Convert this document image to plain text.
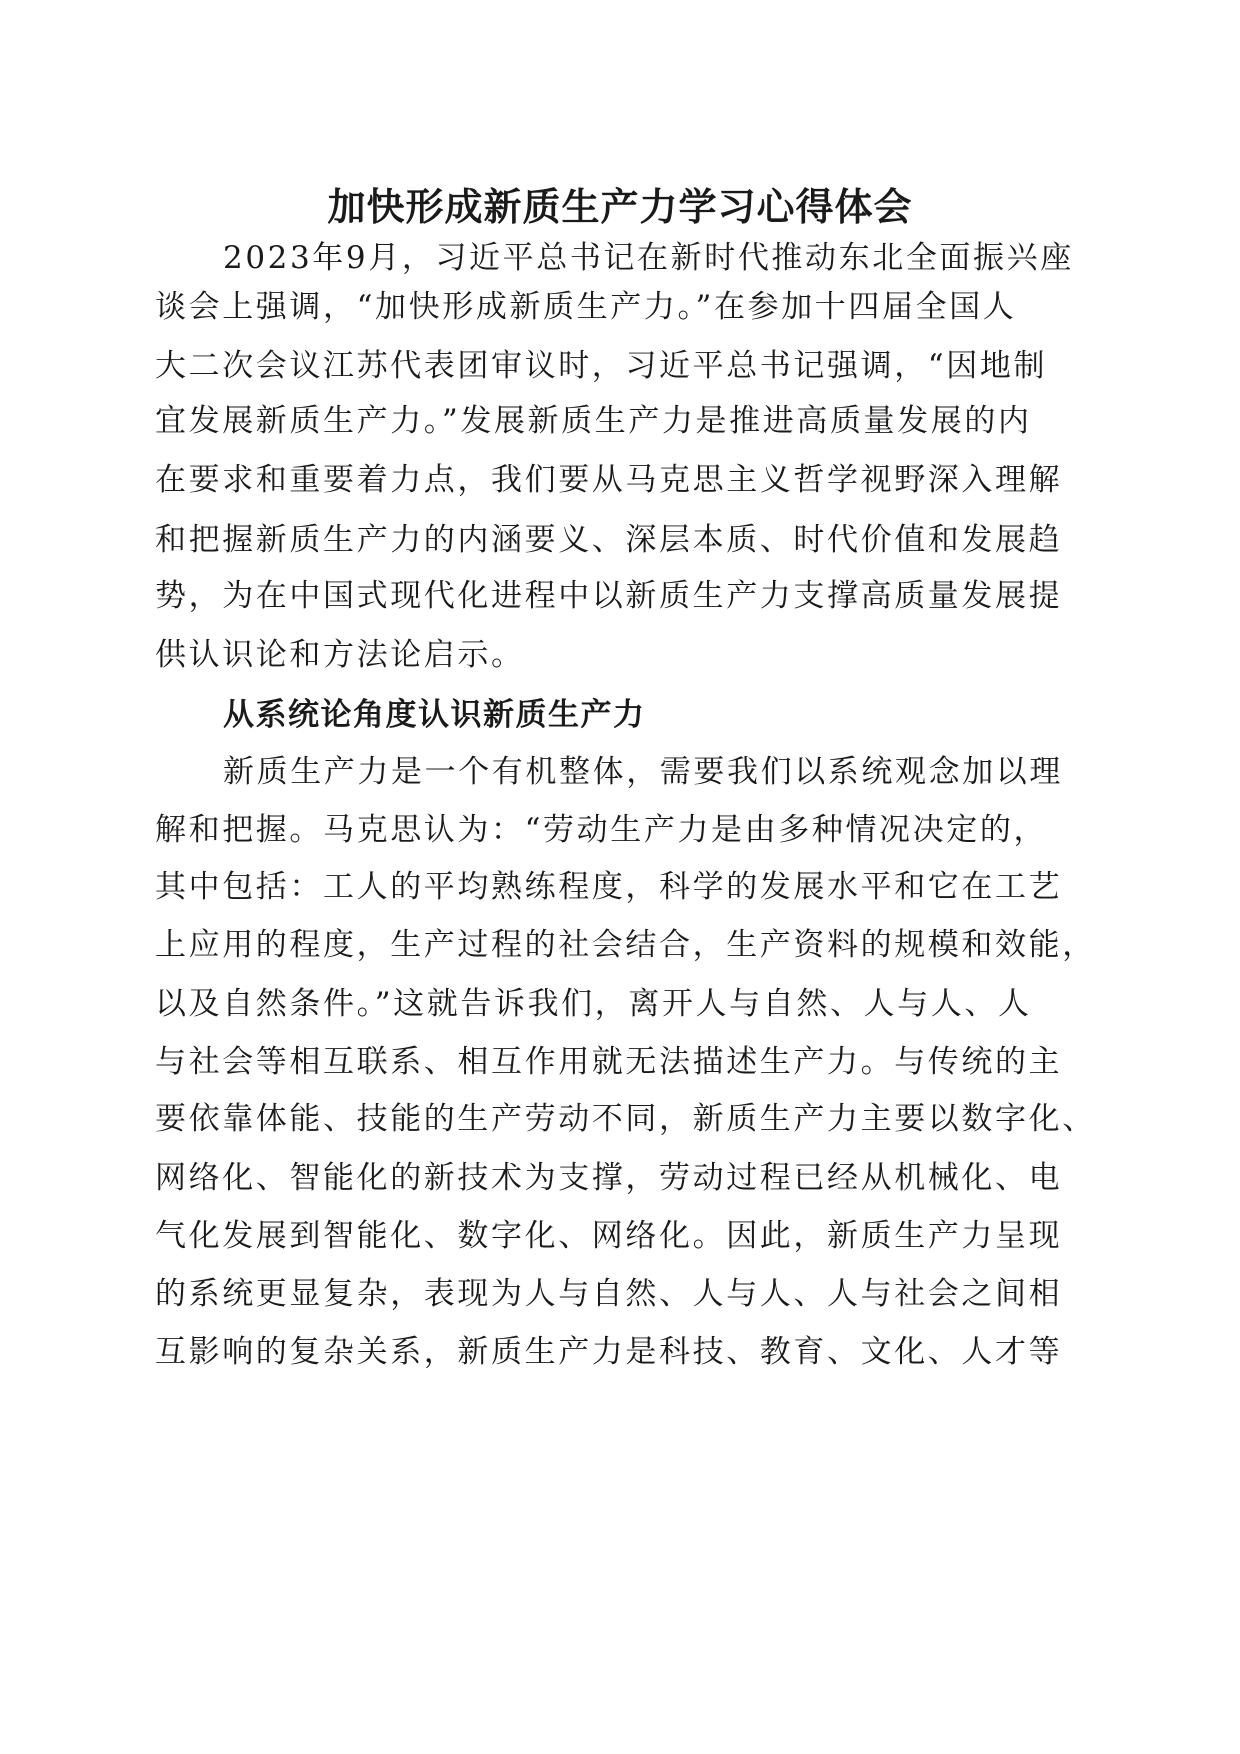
加快形成新质生产力学习心得体会

2023年9月，习近平总书记在新时代推动东北全面振兴座

谈会上强调，“加快形成新质生产力。”在参加十四届全国人

大二次会议江苏代表团审议时，习近平总书记强调，“因地制

宜发展新质生产力。”发展新质生产力是推进高质量发展的内

在要求和重要着力点，我们要从马克思主义哲学视野深入理解

和把握新质生产力的内涵要义、深层本质、时代价值和发展趋

势，为在中国式现代化进程中以新质生产力支撑高质量发展提

供认识论和方法论启示。

从系统论角度认识新质生产力

新质生产力是一个有机整体，需要我们以系统观念加以理

解和把握。马克思认为：“劳动生产力是由多种情况决定的，

其中包括：工人的平均熟练程度，科学的发展水平和它在工艺

上应用的程度，生产过程的社会结合，生产资料的规模和效能，

以及自然条件。”这就告诉我们，离开人与自然、人与人、人

与社会等相互联系、相互作用就无法描述生产力。与传统的主

要依靠体能、技能的生产劳动不同，新质生产力主要以数字化、

网络化、智能化的新技术为支撑，劳动过程已经从机械化、电

气化发展到智能化、数字化、网络化。因此，新质生产力呈现

的系统更显复杂，表现为人与自然、人与人、人与社会之间相

互影响的复杂关系，新质生产力是科技、教育、文化、人才等
